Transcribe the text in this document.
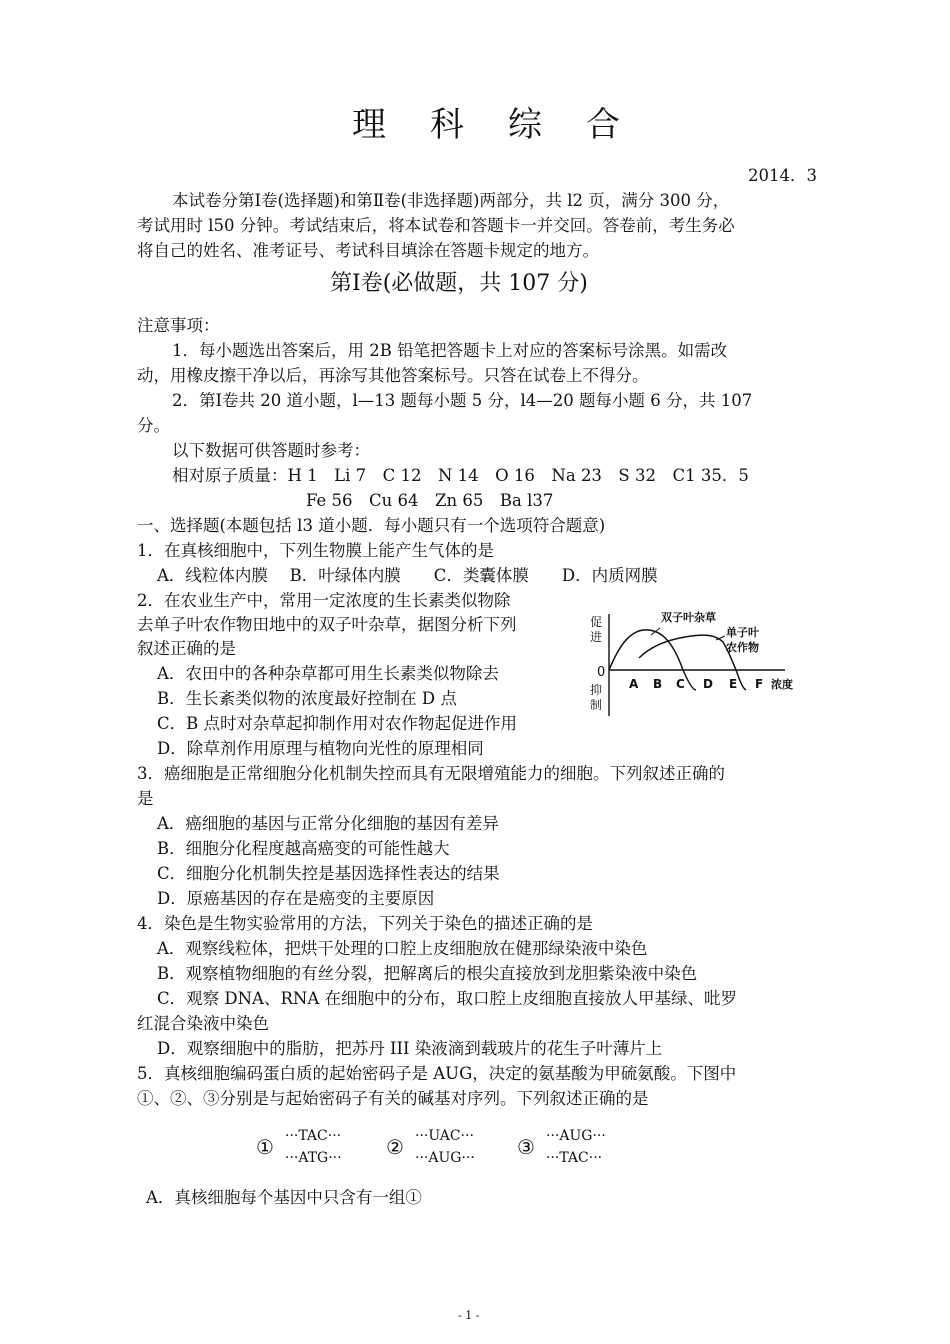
理 科 综 合
2014．3
本试卷分第Ⅰ卷(选择题)和第Ⅱ卷(非选择题)两部分，共 l2 页，满分 300 分，
考试用时 l50 分钟。考试结束后，将本试卷和答题卡一并交回。答卷前，考生务必
将自己的姓名、准考证号、考试科目填涂在答题卡规定的地方。
第Ⅰ卷(必做题，共 107 分)
注意事项：
1．每小题选出答案后，用 2B 铅笔把答题卡上对应的答案标号涂黑。如需改
动，用橡皮擦干净以后，再涂写其他答案标号。只答在试卷上不得分。
2．第Ⅰ卷共 20 道小题，l—13 题每小题 5 分，l4—20 题每小题 6 分，共 107
分。
以下数据可供答题时参考：
相对原子质量：H 1　Li 7　C 12　N 14　O 16　Na 23　S 32　C1 35．5
Fe 56　Cu 64　Zn 65　Ba l37
一、选择题(本题包括 l3 道小题．每小题只有一个选项符合题意)
1．在真核细胞中，下列生物膜上能产生气体的是
A．线粒体内膜　 B．叶绿体内膜　　C．类囊体膜　　D．内质网膜
2．在农业生产中，常用一定浓度的生长素类似物除
去单子叶农作物田地中的双子叶杂草，据图分析下列
叙述正确的是
A．农田中的各种杂草都可用生长素类似物除去
B．生长紊类似物的浓度最好控制在 D 点
C．B 点时对杂草起抑制作用对农作物起促进作用
D．除草剂作用原理与植物向光性的原理相同
促
进
抑
制
0
双子叶杂草
单子叶
农作物
A B C D E F 浓度
3．癌细胞是正常细胞分化机制失控而具有无限增殖能力的细胞。下列叙述正确的
是
A．癌细胞的基因与正常分化细胞的基因有差异
B．细胞分化程度越高癌变的可能性越大
C．细胞分化机制失控是基因选择性表达的结果
D．原癌基因的存在是癌变的主要原因
4．染色是生物实验常用的方法，下列关于染色的描述正确的是
A．观察线粒体，把烘干处理的口腔上皮细胞放在健那绿染液中染色
B．观察植物细胞的有丝分裂，把解离后的根尖直接放到龙胆紫染液中染色
C．观察 DNA、RNA 在细胞中的分布，取口腔上皮细胞直接放人甲基绿、吡罗
红混合染液中染色
D．观察细胞中的脂肪，把苏丹 III 染液滴到载玻片的花生子叶薄片上
5．真核细胞编码蛋白质的起始密码子是 AUG，决定的氨基酸为甲硫氨酸。下图中
①、②、③分别是与起始密码子有关的碱基对序列。下列叙述正确的是
① ···TAC···
···ATG··· ② ···UAC···
···AUG··· ③ ···AUG···
···TAC···
A．真核细胞每个基因中只含有一组①
- 1 -
